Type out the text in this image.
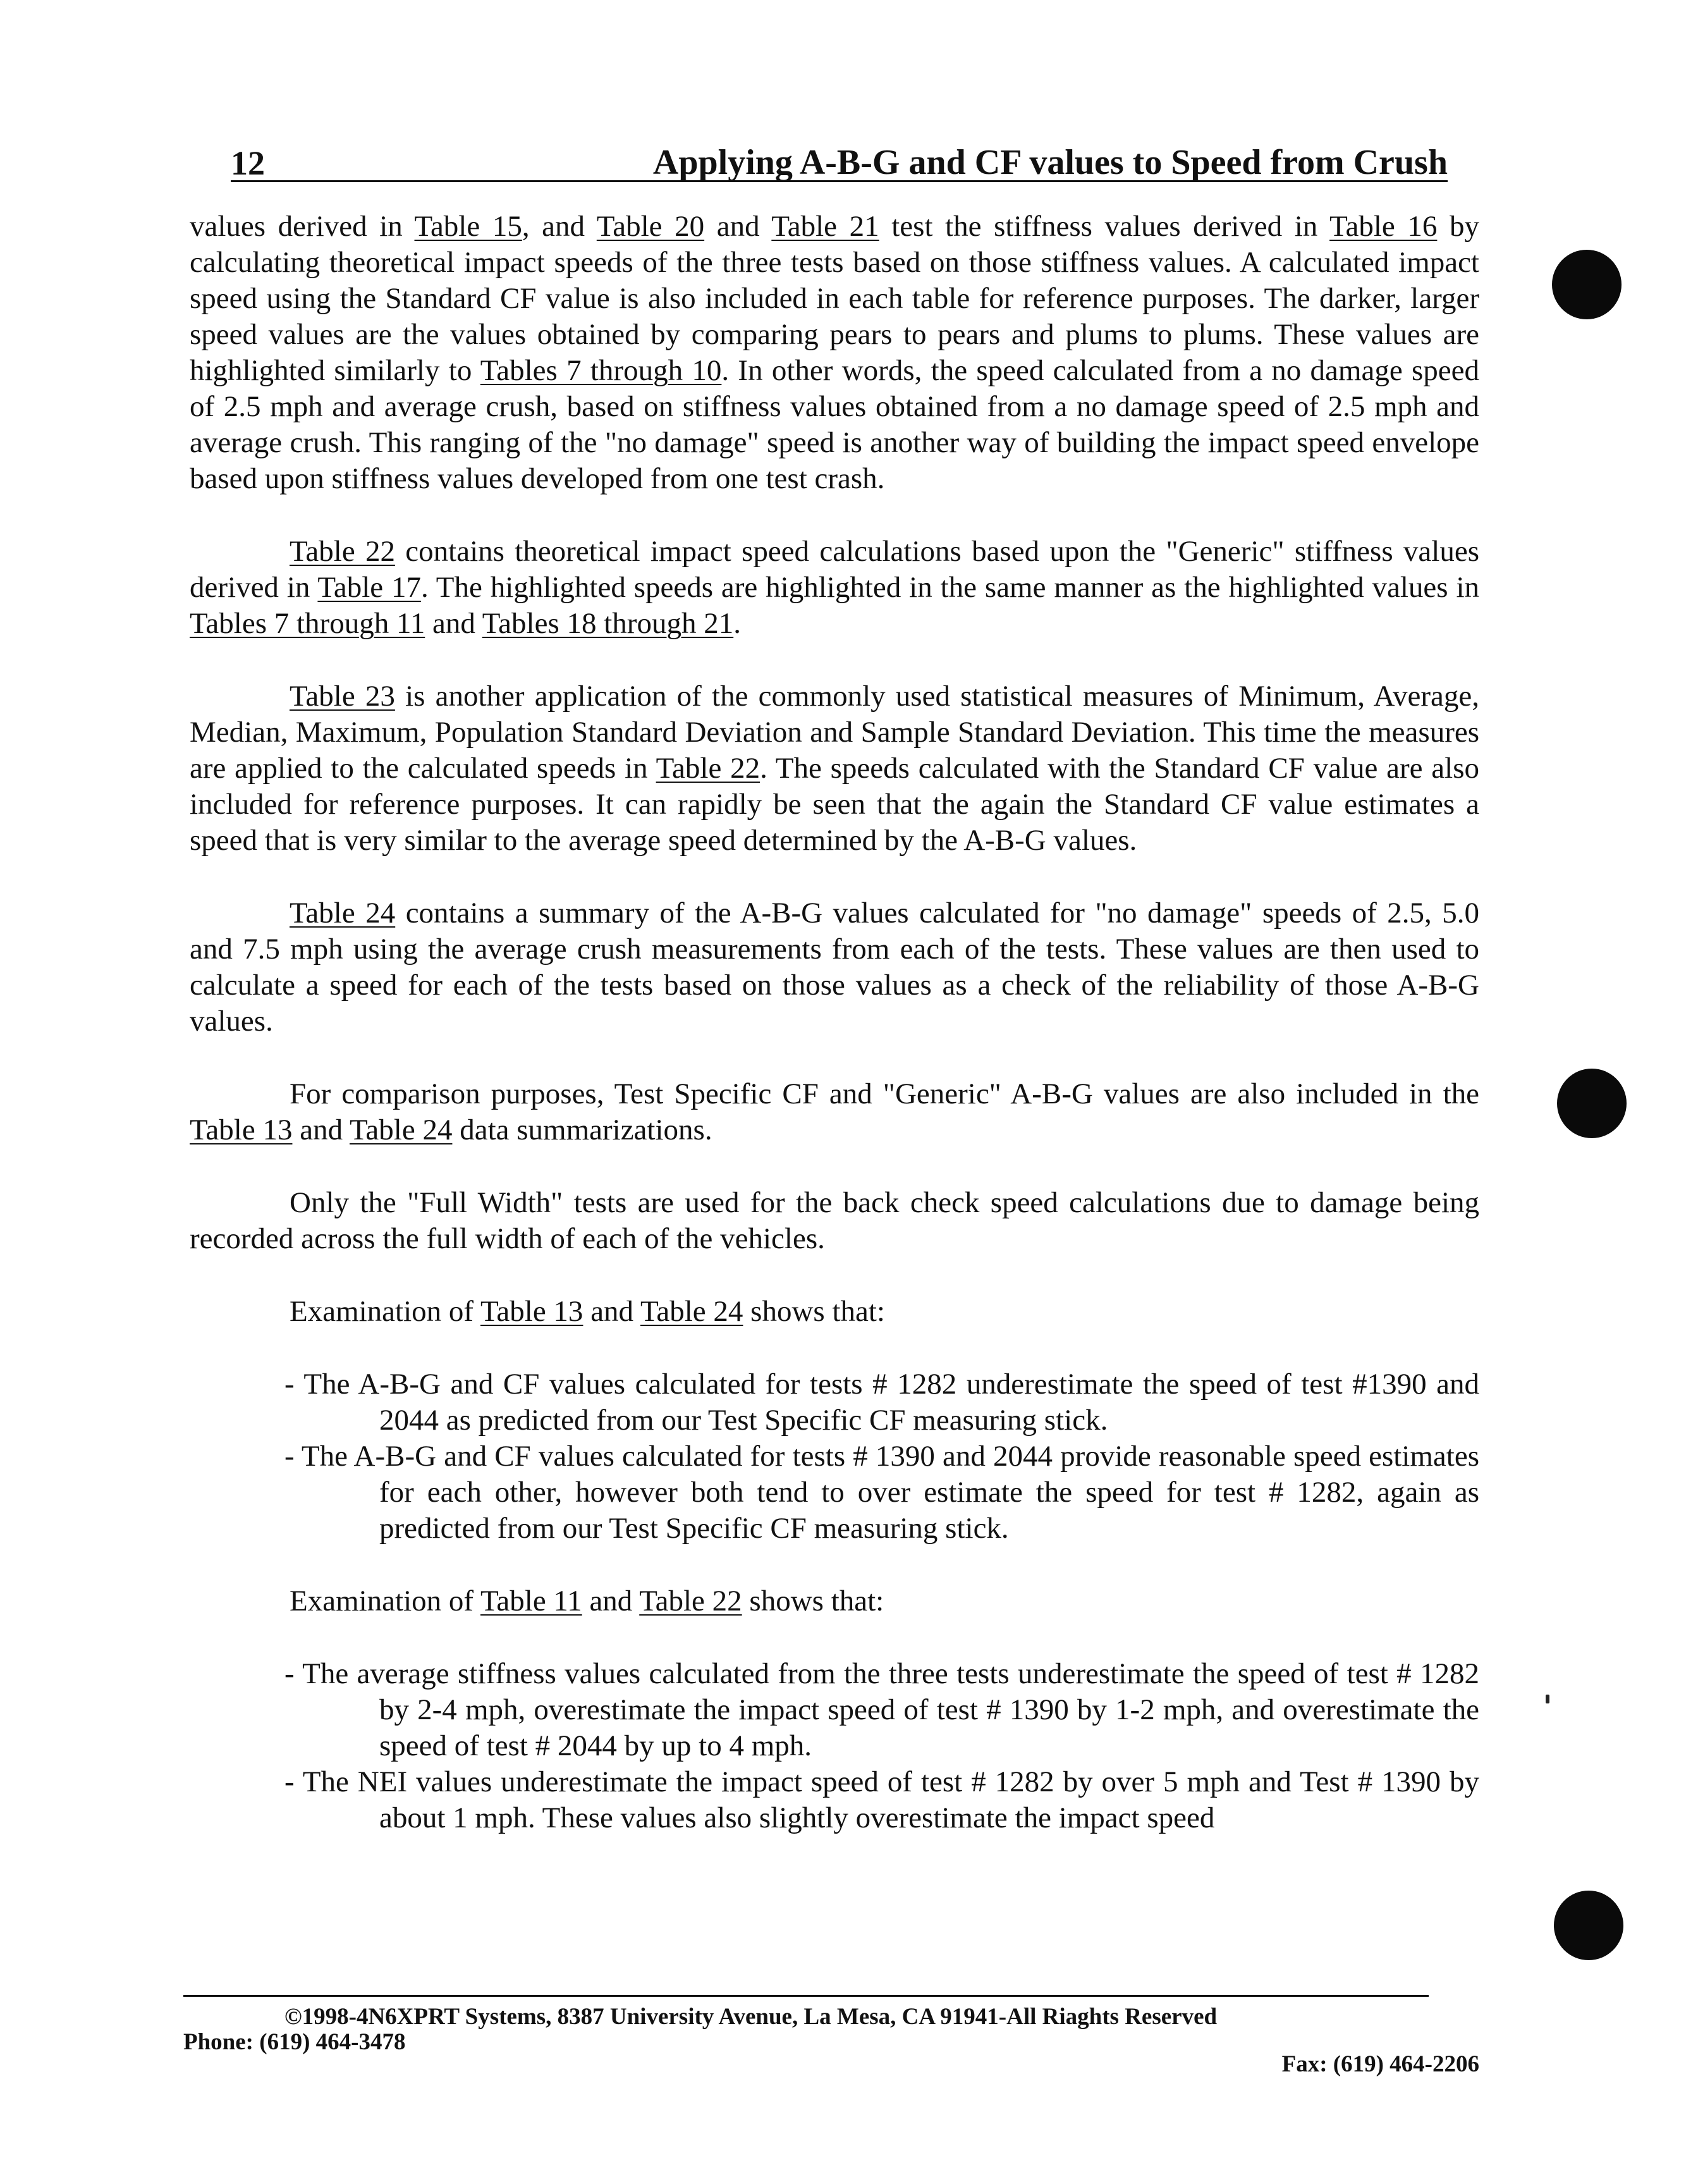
12	Applying A-B-G and CF values to Speed from Crush

values derived in Table 15, and Table 20 and Table 21 test the stiffness values derived in Table 16 by calculating theoretical impact speeds of the three tests based on those stiffness values. A calculated impact speed using the Standard CF value is also included in each table for reference purposes. The darker, larger speed values are the values obtained by comparing pears to pears and plums to plums. These values are highlighted similarly to Tables 7 through 10. In other words, the speed calculated from a no damage speed of 2.5 mph and average crush, based on stiffness values obtained from a no damage speed of 2.5 mph and average crush. This ranging of the "no damage" speed is another way of building the impact speed envelope based upon stiffness values developed from one test crash.

Table 22 contains theoretical impact speed calculations based upon the "Generic" stiffness values derived in Table 17. The highlighted speeds are highlighted in the same manner as the highlighted values in Tables 7 through 11 and Tables 18 through 21.

Table 23 is another application of the commonly used statistical measures of Minimum, Average, Median, Maximum, Population Standard Deviation and Sample Standard Deviation. This time the measures are applied to the calculated speeds in Table 22. The speeds calculated with the Standard CF value are also included for reference purposes. It can rapidly be seen that the again the Standard CF value estimates a speed that is very similar to the average speed determined by the A-B-G values.

Table 24 contains a summary of the A-B-G values calculated for "no damage" speeds of 2.5, 5.0 and 7.5 mph using the average crush measurements from each of the tests. These values are then used to calculate a speed for each of the tests based on those values as a check of the reliability of those A-B-G values.

For comparison purposes, Test Specific CF and "Generic" A-B-G values are also included in the Table 13 and Table 24 data summarizations.

Only the "Full Width" tests are used for the back check speed calculations due to damage being recorded across the full width of each of the vehicles.

Examination of Table 13 and Table 24 shows that:

- The A-B-G and CF values calculated for tests # 1282 underestimate the speed of test #1390 and 2044 as predicted from our Test Specific CF measuring stick.

- The A-B-G and CF values calculated for tests # 1390 and 2044 provide reasonable speed estimates for each other, however both tend to over estimate the speed for test # 1282, again as predicted from our Test Specific CF measuring stick.

Examination of Table 11 and Table 22 shows that:

- The average stiffness values calculated from the three tests underestimate the speed of test # 1282 by 2-4 mph, overestimate the impact speed of test # 1390 by 1-2 mph, and overestimate the speed of test # 2044 by up to 4 mph.

- The NEI values underestimate the impact speed of test # 1282 by over 5 mph and Test # 1390 by about 1 mph. These values also slightly overestimate the impact speed

©1998-4N6XPRT Systems, 8387 University Avenue, La Mesa, CA 91941-All Riaghts Reserved
Phone: (619) 464-3478
Fax: (619) 464-2206
